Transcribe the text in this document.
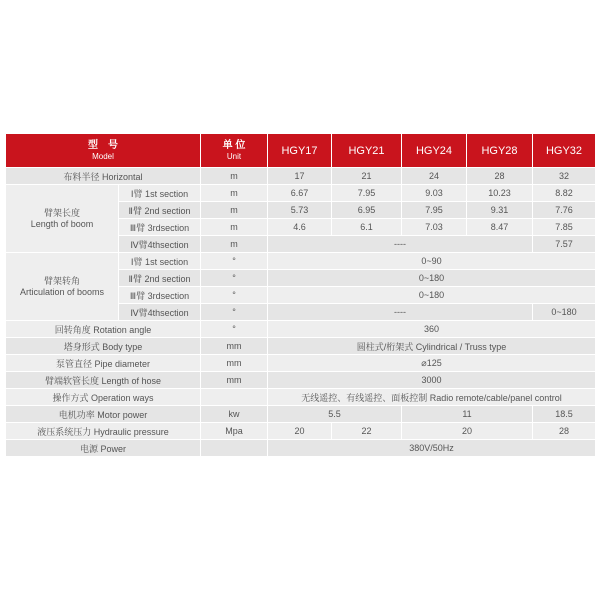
型　号
Model		单 位
Unit	HGY17	HGY21	HGY24	HGY28	HGY32
布料半径 Horizontal		m	17	21	24	28	32
臂架长度
Length of boom	Ⅰ臂 1st section	m	6.67	7.95	9.03	10.23	8.82
	Ⅱ臂 2nd section	m	5.73	6.95	7.95	9.31	7.76
	Ⅲ臂 3rdsection	m	4.6	6.1	7.03	8.47	7.85
	Ⅳ臂4thsection	m	----				7.57
臂架转角
Articulation of booms	Ⅰ臂 1st section	°	0~90				
	Ⅱ臂 2nd section	°	0~180				
	Ⅲ臂 3rdsection	°	0~180				
	Ⅳ臂4thsection	°	----				0~180
回转角度 Rotation angle		°	360				
塔身形式 Body type		mm	圆柱式/桁架式 Cylindrical / Truss type				
泵管直径 Pipe diameter		mm	⌀125				
臂端软管长度 Length of hose		mm	3000				
操作方式 Operation ways			无线遥控、有线遥控、面板控制 Radio remote/cable/panel control				
电机功率 Motor power		kw	5.5		11		18.5
液压系统压力 Hydraulic pressure		Mpa	20	22	20		28
电源 Power			380V/50Hz				
